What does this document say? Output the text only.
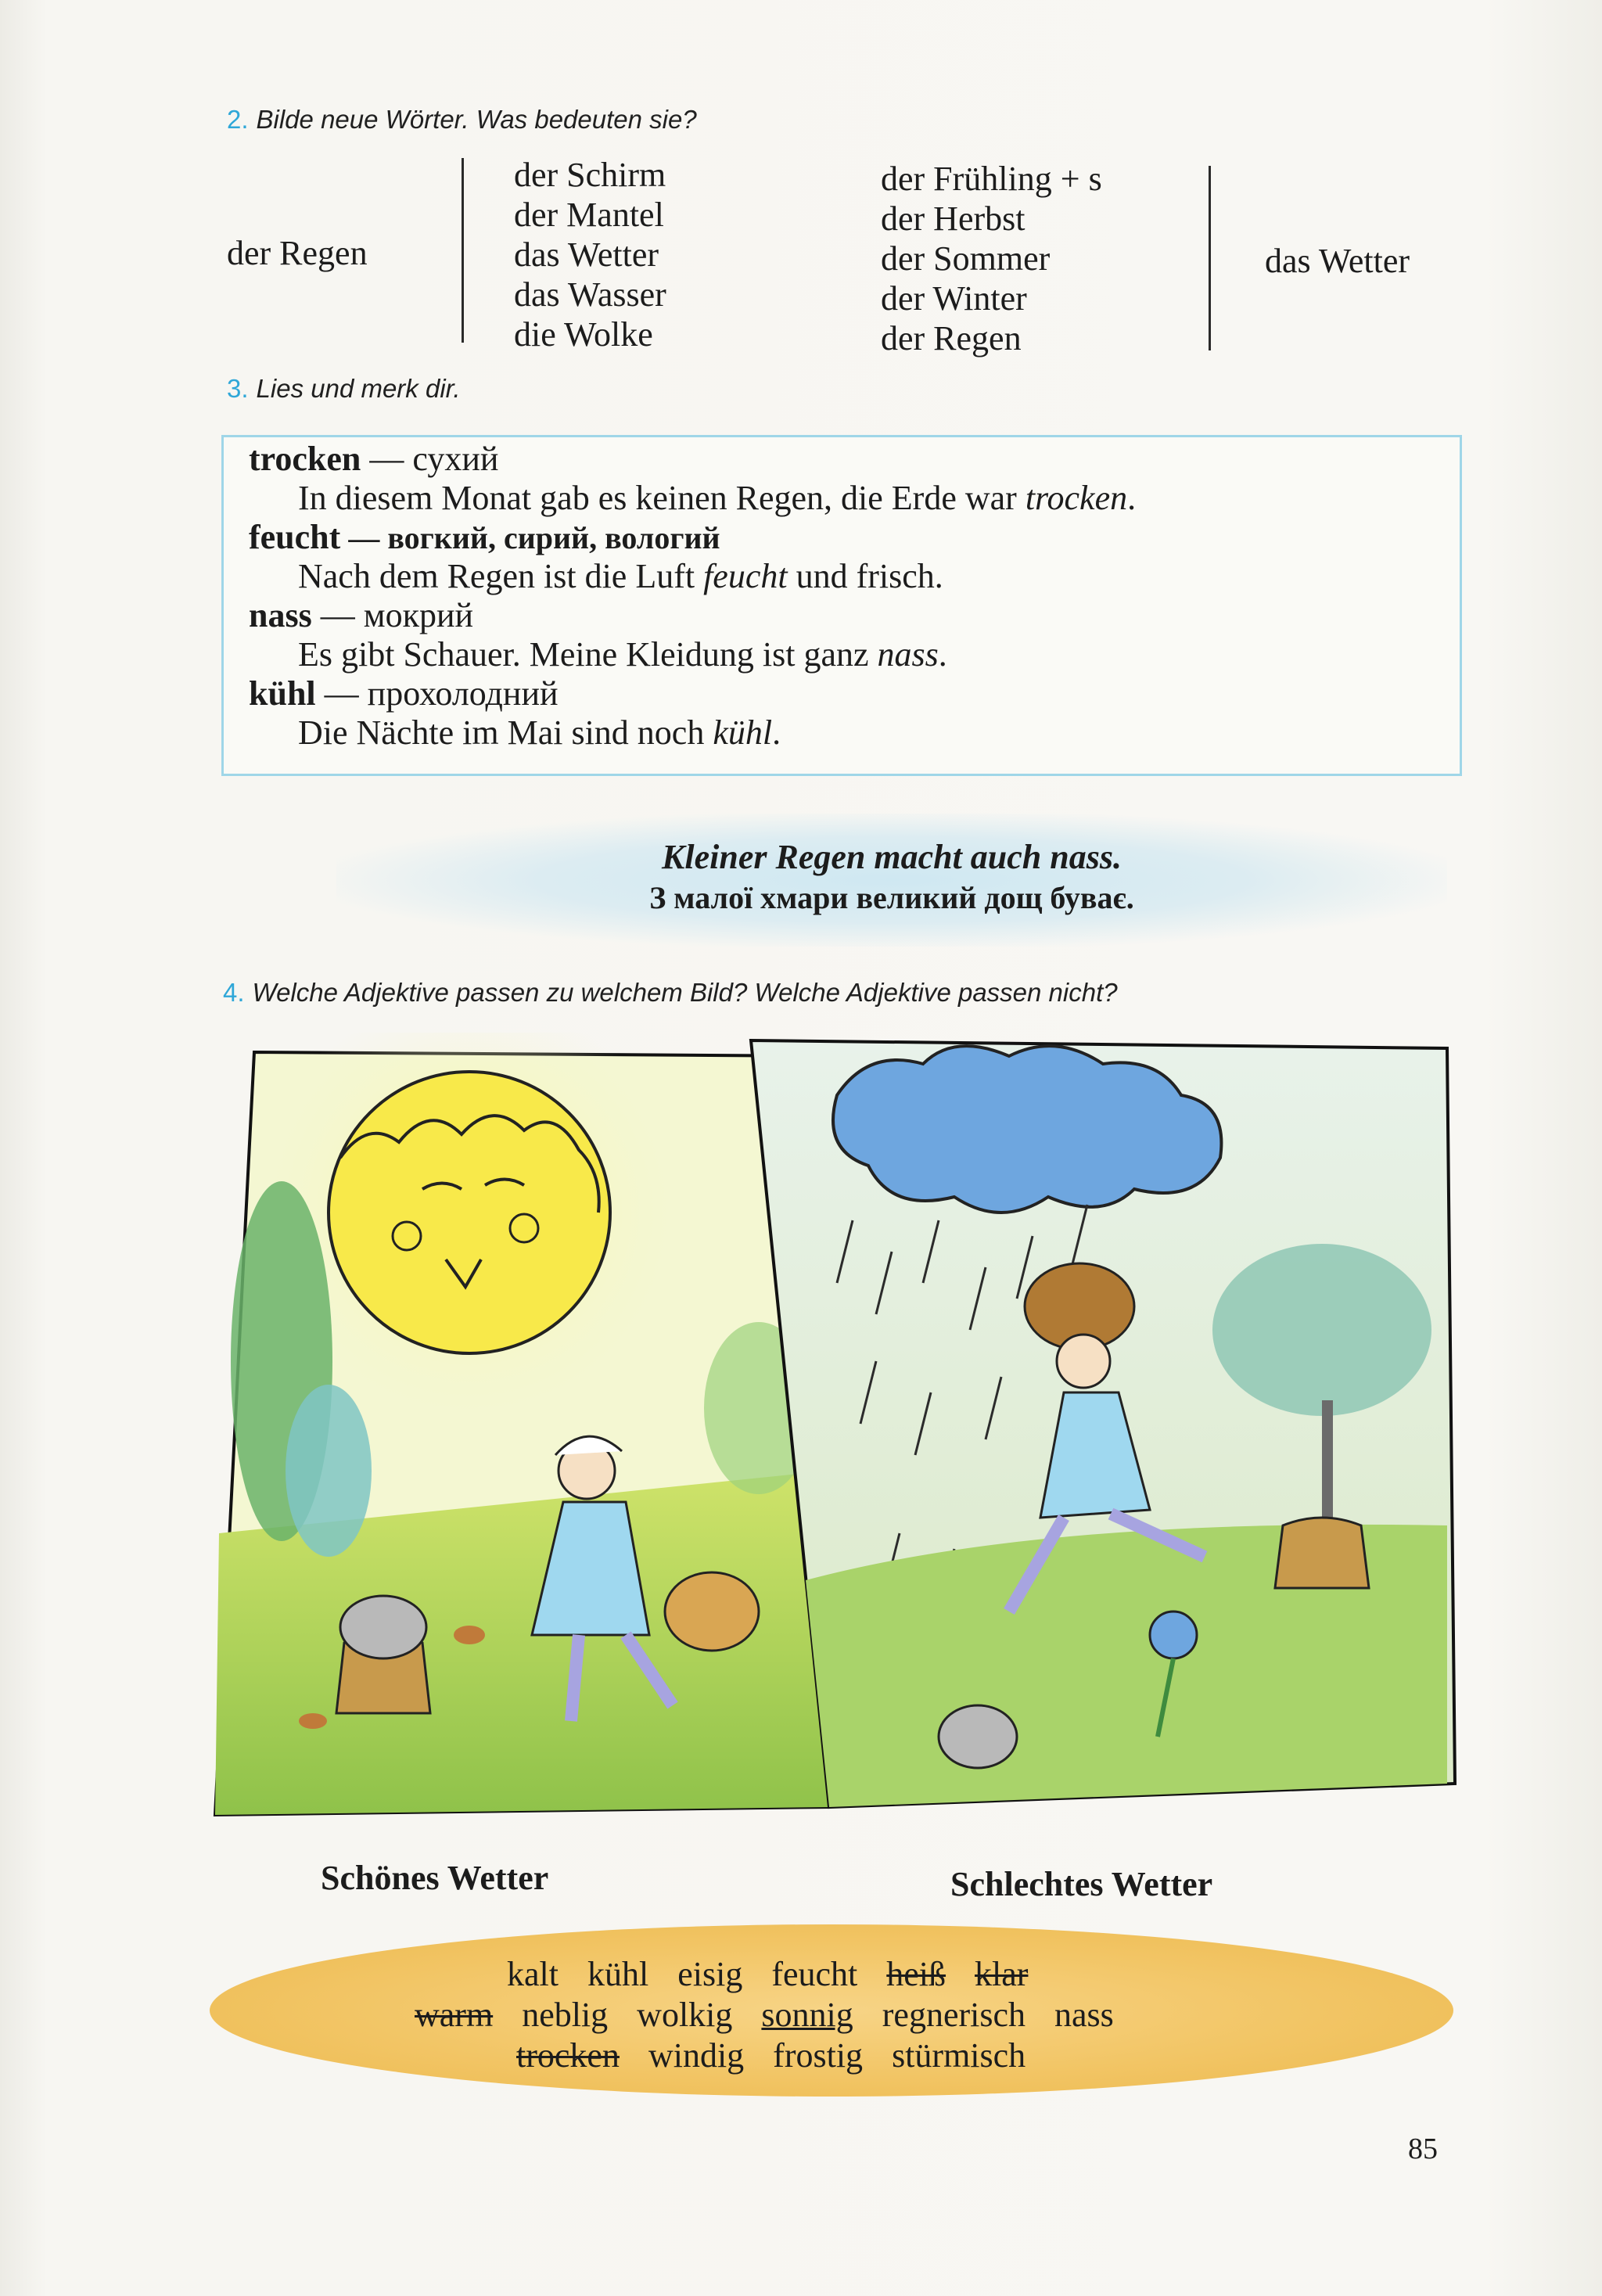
2. Bilde neue Wörter. Was bedeuten sie?
der Regen
der Schirm
der Mantel
das Wetter
das Wasser
die Wolke
der Frühling + s
der Herbst
der Sommer
der Winter
der Regen
das Wetter
3. Lies und merk dir.
trocken — сухий
In diesem Monat gab es keinen Regen, die Erde war trocken.
feucht — вогкий, сирий, вологий
Nach dem Regen ist die Luft feucht und frisch.
nass — мокрий
Es gibt Schauer. Meine Kleidung ist ganz nass.
kühl — прохолодний
Die Nächte im Mai sind noch kühl.
Kleiner Regen macht auch nass.
З малої хмари великий дощ буває.
4. Welche Adjektive passen zu welchem Bild? Welche Adjektive passen nicht?
Schönes Wetter	Schlechtes Wetter
kalt kühl eisig feucht heiß klar
warm neblig wolkig sonnig regnerisch nass
trocken windig frostig stürmisch
85
